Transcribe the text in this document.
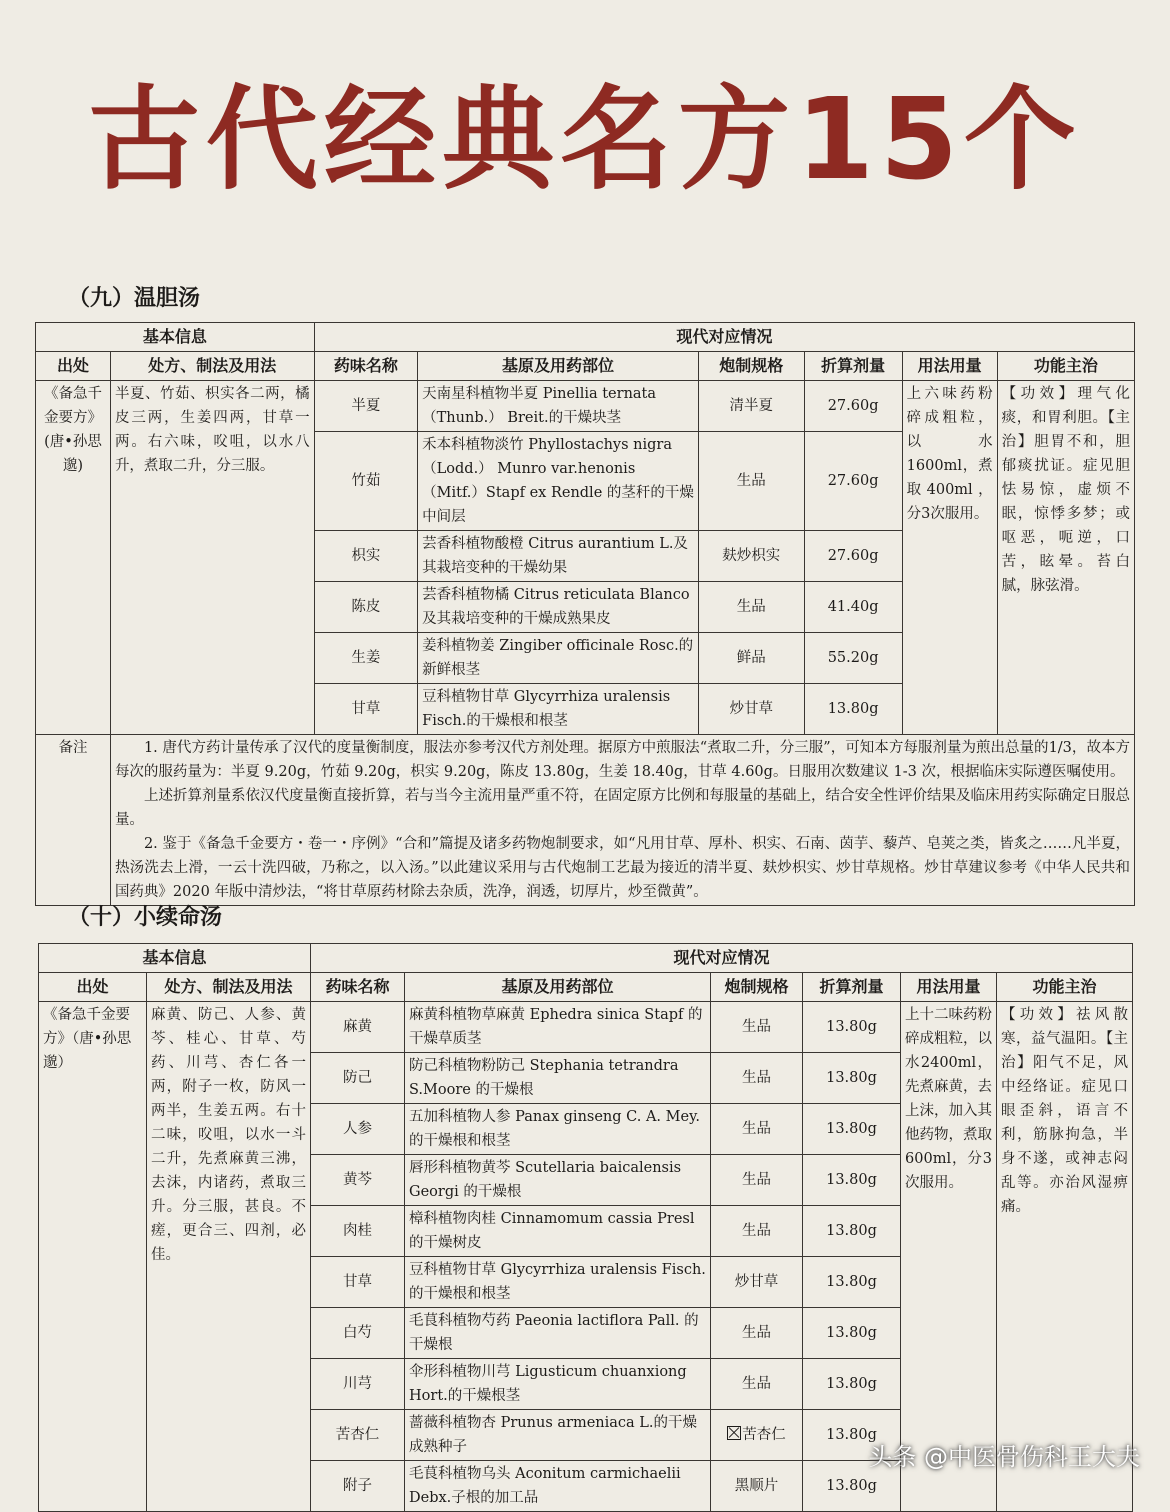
古代经典名方15个
（九）温胆汤
基本信息		现代对应情况					
出处	处方、制法及用法	药味名称	基原及用药部位	炮制规格	折算剂量	用法用量	功能主治
《备急千金要方》(唐•孙思邈)	半夏、竹茹、枳实各二两，橘皮三两，生姜四两，甘草一两。右六味，㕮咀，以水八升，煮取二升，分三服。	半夏	天南星科植物半夏 Pinellia ternata （Thunb.） Breit.的干燥块茎	清半夏	27.60g	上六味药粉碎成粗粒，以水1600ml，煮取400ml，分3次服用。	【功效】理气化痰，和胃利胆。【主治】胆胃不和，胆郁痰扰证。症见胆怯易惊，虚烦不眠，惊悸多梦；或呕恶，呃逆，口苦，眩晕。苔白腻，脉弦滑。
		竹茹	禾本科植物淡竹 Phyllostachys nigra（Lodd.） Munro var.henonis （Mitf.）Stapf ex Rendle 的茎秆的干燥中间层	生品	27.60g		
		枳实	芸香科植物酸橙 Citrus aurantium L.及其栽培变种的干燥幼果	麸炒枳实	27.60g		
		陈皮	芸香科植物橘 Citrus reticulata Blanco 及其栽培变种的干燥成熟果皮	生品	41.40g		
		生姜	姜科植物姜 Zingiber officinale Rosc.的新鲜根茎	鲜品	55.20g		
		甘草	豆科植物甘草 Glycyrrhiza uralensis Fisch.的干燥根和根茎	炒甘草	13.80g		
备注	1. 唐代方药计量传承了汉代的度量衡制度，服法亦参考汉代方剂处理。据原方中煎服法“煮取二升，分三服”，可知本方每服剂量为煎出总量的1/3，故本方每次的服药量为：半夏 9.20g，竹茹 9.20g，枳实 9.20g，陈皮 13.80g，生姜 18.40g，甘草 4.60g。日服用次数建议 1-3 次，根据临床实际遵医嘱使用。

上述折算剂量系依汉代度量衡直接折算，若与当今主流用量严重不符，在固定原方比例和每服量的基础上，结合安全性评价结果及临床用药实际确定日服总量。

2. 鉴于《备急千金要方・卷一・序例》“合和”篇提及诸多药物炮制要求，如“凡用甘草、厚朴、枳实、石南、茵芋、藜芦、皂荚之类，皆炙之……凡半夏，热汤洗去上滑，一云十洗四破，乃称之，以入汤。”以此建议采用与古代炮制工艺最为接近的清半夏、麸炒枳实、炒甘草规格。炒甘草建议参考《中华人民共和国药典》2020 年版中清炒法，“将甘草原药材除去杂质，洗净，润透，切厚片，炒至微黄”。						

（十）小续命汤
基本信息		现代对应情况					
出处	处方、制法及用法	药味名称	基原及用药部位	炮制规格	折算剂量	用法用量	功能主治
《备急千金要方》（唐•孙思邈）	麻黄、防己、人参、黄芩、桂心、甘草、芍药、川芎、杏仁各一两，附子一枚，防风一两半，生姜五两。右十二味，㕮咀，以水一斗二升，先煮麻黄三沸，去沫，内诸药，煮取三升。分三服，甚良。不瘥，更合三、四剂，必佳。	麻黄	麻黄科植物草麻黄 Ephedra sinica Stapf 的干燥草质茎	生品	13.80g	上十二味药粉碎成粗粒，以水2400ml，先煮麻黄，去上沫，加入其他药物，煮取600ml，分3次服用。	【功效】祛风散寒，益气温阳。【主治】阳气不足，风中经络证。症见口眼歪斜，语言不利，筋脉拘急，半身不遂，或神志闷乱等。亦治风湿痹痛。
		防己	防己科植物粉防己 Stephania tetrandra S.Moore 的干燥根	生品	13.80g		
		人参	五加科植物人参 Panax ginseng C. A. Mey.的干燥根和根茎	生品	13.80g		
		黄芩	唇形科植物黄芩 Scutellaria baicalensis Georgi 的干燥根	生品	13.80g		
		肉桂	樟科植物肉桂 Cinnamomum cassia Presl 的干燥树皮	生品	13.80g		
		甘草	豆科植物甘草 Glycyrrhiza uralensis Fisch.的干燥根和根茎	炒甘草	13.80g		
		白芍	毛茛科植物芍药 Paeonia lactiflora Pall. 的干燥根	生品	13.80g		
		川芎	伞形科植物川芎 Ligusticum chuanxiong Hort.的干燥根茎	生品	13.80g		
		苦杏仁	蔷薇科植物杏 Prunus armeniaca L.的干燥成熟种子	苦杏仁	13.80g		
		附子	毛茛科植物乌头 Aconitum carmichaelii Debx.子根的加工品	黑顺片	13.80g		
头条 @中医骨伤科王大夫
